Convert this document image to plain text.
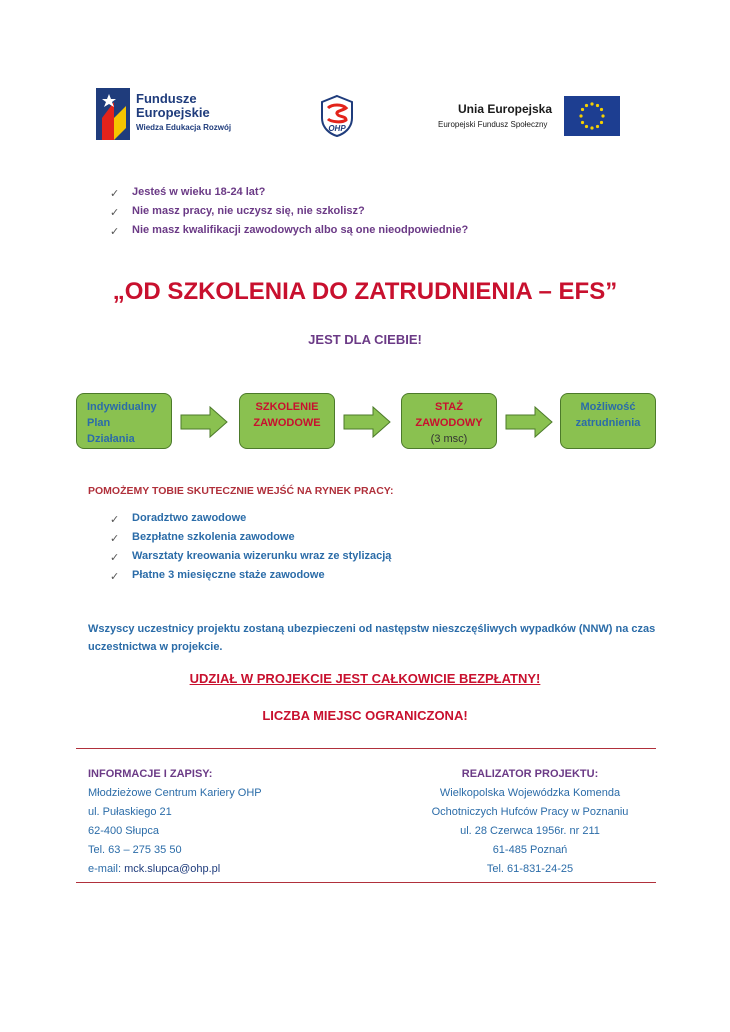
Fundusze
Europejskie
Wiedza Edukacja Rozwój	OHP
Unia Europejska
Europejski Fundusz Społeczny
✓ Jesteś w wieku 18-24 lat?
✓ Nie masz pracy, nie uczysz się, nie szkolisz?
✓ Nie masz kwalifikacji zawodowych albo są one nieodpowiednie?
„OD SZKOLENIA DO ZATRUDNIENIA – EFS”
JEST DLA CIEBIE!
Indywidualny
Plan
Działania
SZKOLENIE
ZAWODOWE
STAŻ
ZAWODOWY
(3 msc)
Możliwość
zatrudnienia
POMOŻEMY TOBIE SKUTECZNIE WEJŚĆ NA RYNEK PRACY:
✓ Doradztwo zawodowe
✓ Bezpłatne szkolenia zawodowe
✓ Warsztaty kreowania wizerunku wraz ze stylizacją
✓ Płatne 3 miesięczne staże zawodowe
Wszyscy uczestnicy projektu zostaną ubezpieczeni od następstw nieszczęśliwych wypadków (NNW) na czas uczestnictwa w projekcie.
UDZIAŁ W PROJEKCIE JEST CAŁKOWICIE BEZPŁATNY!
LICZBA MIEJSC OGRANICZONA!
INFORMACJE I ZAPISY:
Młodzieżowe Centrum Kariery OHP
ul. Pułaskiego 21
62-400 Słupca
Tel. 63 – 275 35 50
e-mail: mck.slupca@ohp.pl
REALIZATOR PROJEKTU:
Wielkopolska Wojewódzka Komenda
Ochotniczych Hufców Pracy w Poznaniu
ul. 28 Czerwca 1956r. nr 211
61-485 Poznań
Tel. 61-831-24-25
